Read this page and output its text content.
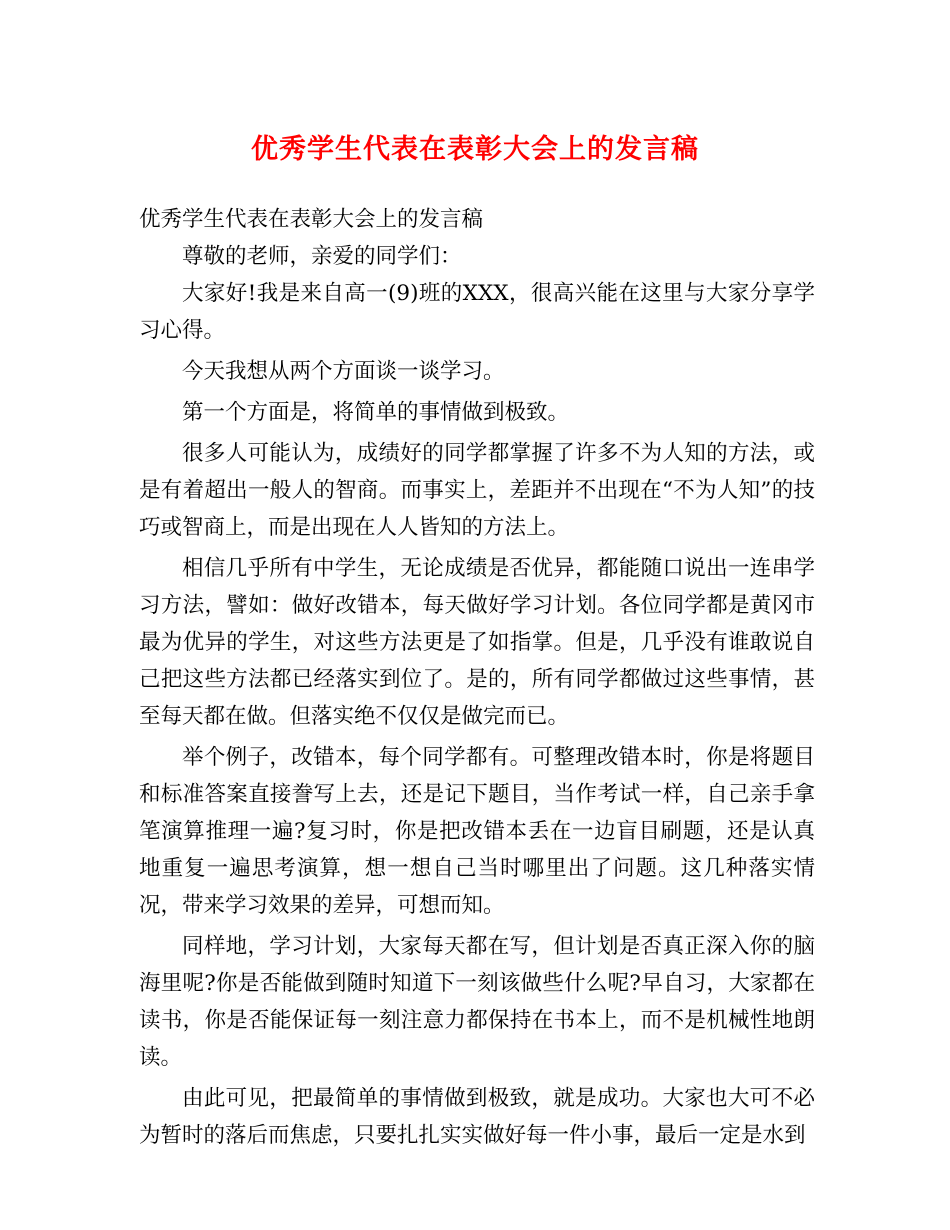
优秀学生代表在表彰大会上的发言稿

优秀学生代表在表彰大会上的发言稿

尊敬的老师，亲爱的同学们：

大家好!我是来自高一(9)班的XXX，很高兴能在这里与大家分享学习心得。

今天我想从两个方面谈一谈学习。

第一个方面是，将简单的事情做到极致。

很多人可能认为，成绩好的同学都掌握了许多不为人知的方法，或是有着超出一般人的智商。而事实上，差距并不出现在“不为人知”的技巧或智商上，而是出现在人人皆知的方法上。

相信几乎所有中学生，无论成绩是否优异，都能随口说出一连串学习方法，譬如：做好改错本，每天做好学习计划。各位同学都是黄冈市最为优异的学生，对这些方法更是了如指掌。但是，几乎没有谁敢说自己把这些方法都已经落实到位了。是的，所有同学都做过这些事情，甚至每天都在做。但落实绝不仅仅是做完而已。

举个例子，改错本，每个同学都有。可整理改错本时，你是将题目和标准答案直接誊写上去，还是记下题目，当作考试一样，自己亲手拿笔演算推理一遍?复习时，你是把改错本丢在一边盲目刷题，还是认真地重复一遍思考演算，想一想自己当时哪里出了问题。这几种落实情况，带来学习效果的差异，可想而知。

同样地，学习计划，大家每天都在写，但计划是否真正深入你的脑海里呢?你是否能做到随时知道下一刻该做些什么呢?早自习，大家都在读书，你是否能保证每一刻注意力都保持在书本上，而不是机械性地朗读。

由此可见，把最简单的事情做到极致，就是成功。大家也大可不必为暂时的落后而焦虑，只要扎扎实实做好每一件小事，最后一定是水到
